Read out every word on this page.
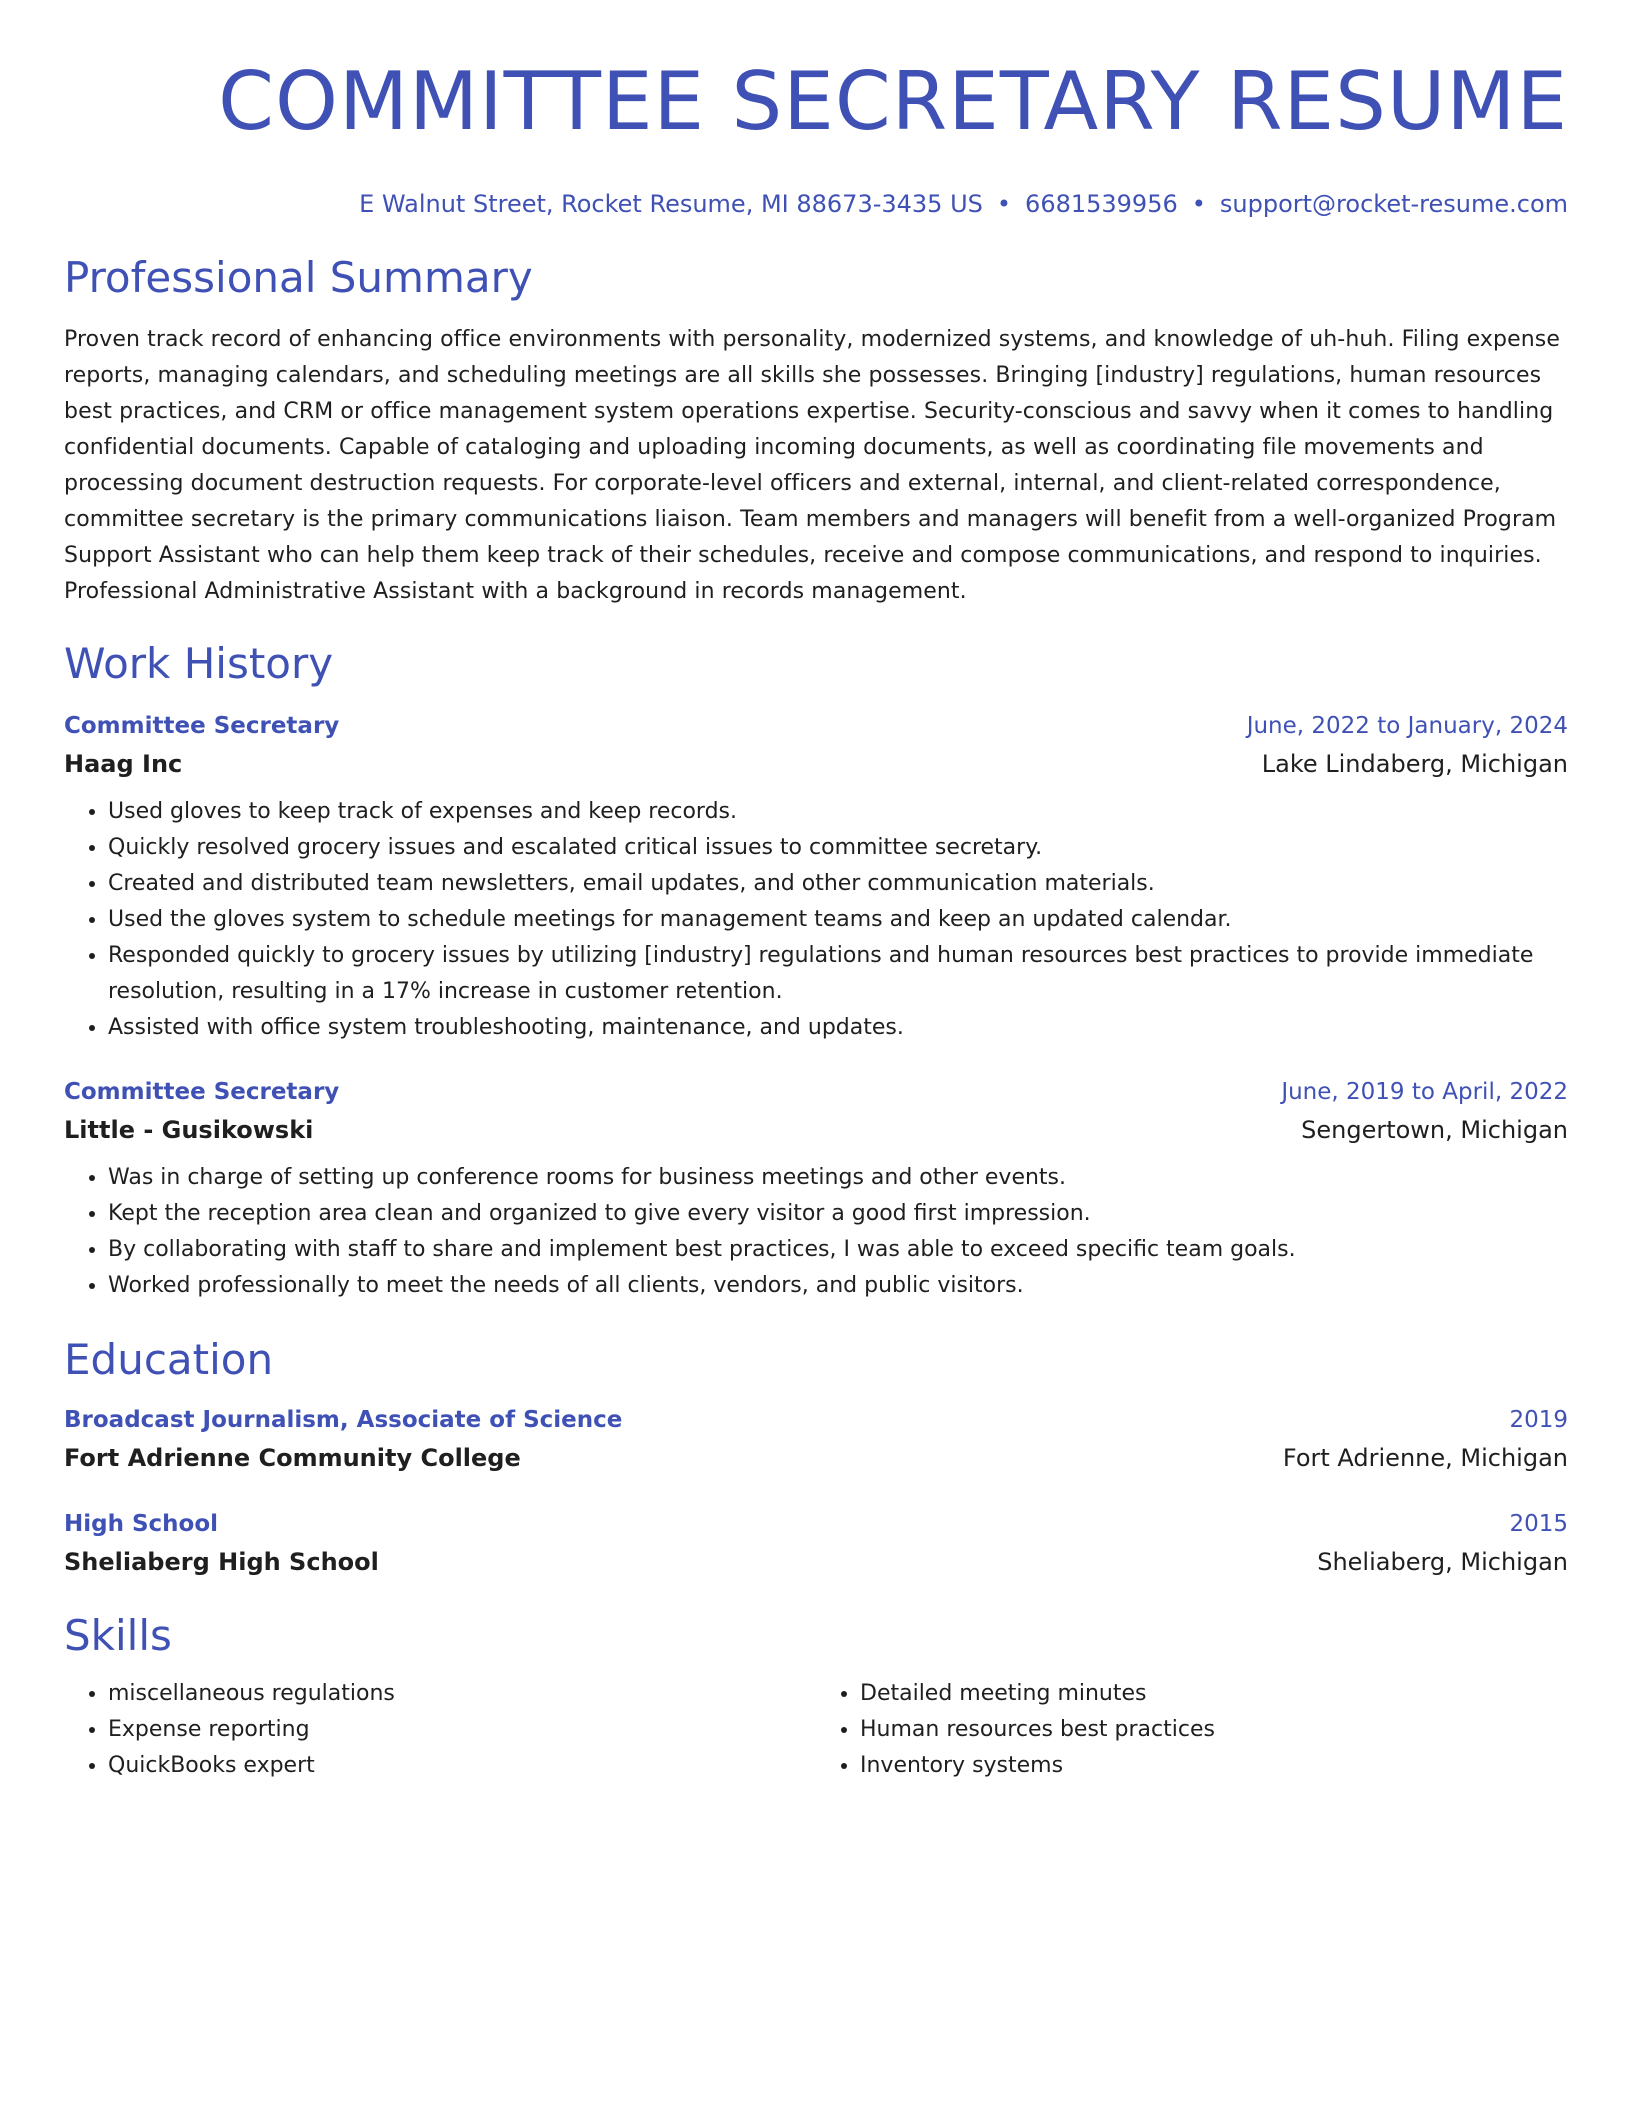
COMMITTEE SECRETARY RESUME
E Walnut Street, Rocket Resume, MI 88673-3435 US • 6681539956 • support@rocket-resume.com
Professional Summary
Proven track record of enhancing office environments with personality, modernized systems, and knowledge of uh-huh. Filing expense reports, managing calendars, and scheduling meetings are all skills she possesses. Bringing [industry] regulations, human resources best practices, and CRM or office management system operations expertise. Security-conscious and savvy when it comes to handling confidential documents. Capable of cataloging and uploading incoming documents, as well as coordinating file movements and processing document destruction requests. For corporate-level officers and external, internal, and client-related correspondence, committee secretary is the primary communications liaison. Team members and managers will benefit from a well-organized Program Support Assistant who can help them keep track of their schedules, receive and compose communications, and respond to inquiries. Professional Administrative Assistant with a background in records management.
Work History
Committee Secretary	June, 2022 to January, 2024
Haag Inc	Lake Lindaberg, Michigan
• Used gloves to keep track of expenses and keep records.
• Quickly resolved grocery issues and escalated critical issues to committee secretary.
• Created and distributed team newsletters, email updates, and other communication materials.
• Used the gloves system to schedule meetings for management teams and keep an updated calendar.
• Responded quickly to grocery issues by utilizing [industry] regulations and human resources best practices to provide immediate resolution, resulting in a 17% increase in customer retention.
• Assisted with office system troubleshooting, maintenance, and updates.
Committee Secretary	June, 2019 to April, 2022
Little - Gusikowski	Sengertown, Michigan
• Was in charge of setting up conference rooms for business meetings and other events.
• Kept the reception area clean and organized to give every visitor a good first impression.
• By collaborating with staff to share and implement best practices, I was able to exceed specific team goals.
• Worked professionally to meet the needs of all clients, vendors, and public visitors.
Education
Broadcast Journalism, Associate of Science	2019
Fort Adrienne Community College	Fort Adrienne, Michigan
High School	2015
Sheliaberg High School	Sheliaberg, Michigan
Skills
• miscellaneous regulations
• Expense reporting
• QuickBooks expert
• Detailed meeting minutes
• Human resources best practices
• Inventory systems
